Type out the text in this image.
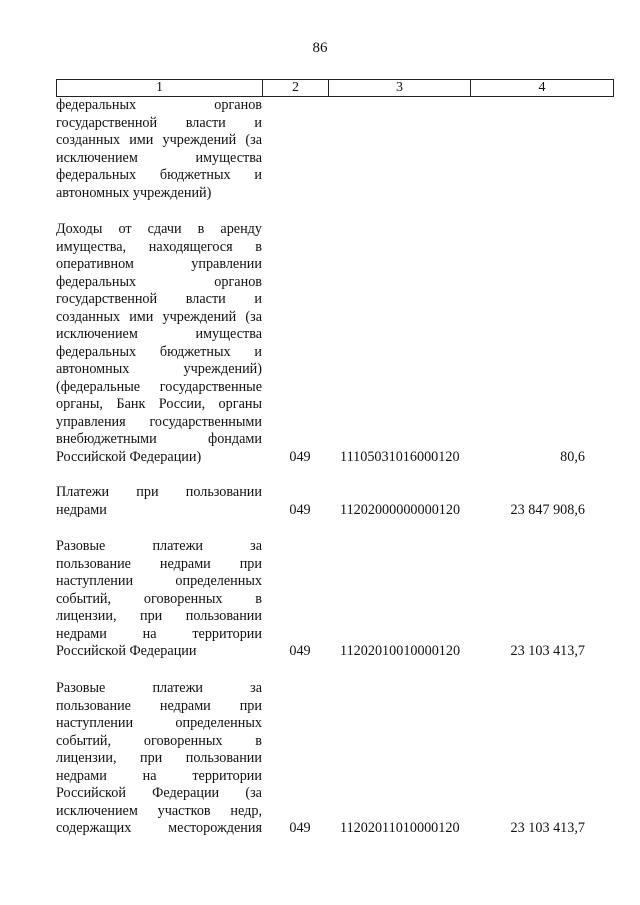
86
1	2	3	4
федеральных органов
государственной власти и
созданных ими учреждений (за
исключением имущества
федеральных бюджетных и
автономных учреждений)
Доходы от сдачи в аренду
имущества, находящегося в
оперативном управлении
федеральных органов
государственной власти и
созданных ими учреждений (за
исключением имущества
федеральных бюджетных и
автономных учреждений)
(федеральные государственные
органы, Банк России, органы
управления государственными
внебюджетными фондами
Российской Федерации)	049	11105031016000120	80,6
Платежи при пользовании
недрами	049	11202000000000120	23 847 908,6
Разовые платежи за
пользование недрами при
наступлении определенных
событий, оговоренных в
лицензии, при пользовании
недрами на территории
Российской Федерации	049	11202010010000120	23 103 413,7
Разовые платежи за
пользование недрами при
наступлении определенных
событий, оговоренных в
лицензии, при пользовании
недрами на территории
Российской Федерации (за
исключением участков недр,
содержащих месторождения	049	11202011010000120	23 103 413,7
